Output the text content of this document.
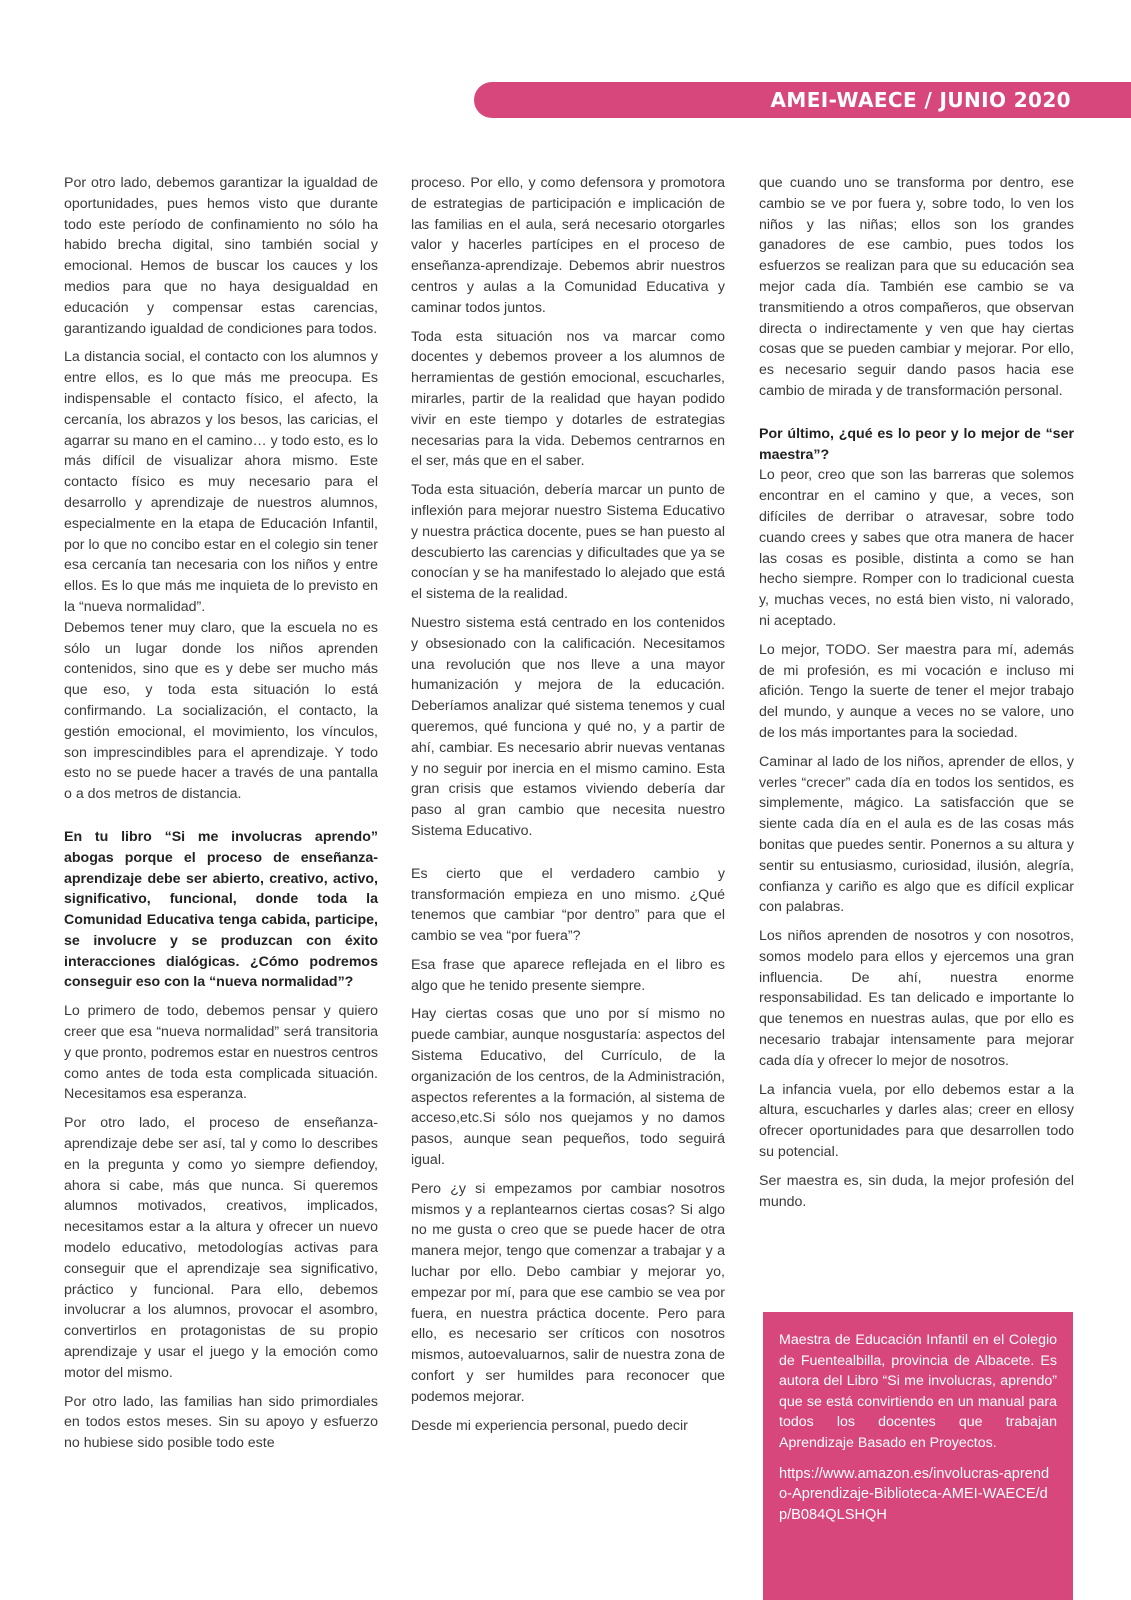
AMEI-WAECE / JUNIO 2020

Por otro lado, debemos garantizar la igualdad de oportunidades, pues hemos visto que durante todo este período de confinamiento no sólo ha habido brecha digital, sino también social y emocional. Hemos de buscar los cauces y los medios para que no haya desigualdad en educación y compensar estas carencias, garantizando igualdad de condiciones para todos.

La distancia social, el contacto con los alumnos y entre ellos, es lo que más me preocupa. Es indispensable el contacto físico, el afecto, la cercanía, los abrazos y los besos, las caricias, el agarrar su mano en el camino… y todo esto, es lo más difícil de visualizar ahora mismo. Este contacto físico es muy necesario para el desarrollo y aprendizaje de nuestros alumnos, especialmente en la etapa de Educación Infantil, por lo que no concibo estar en el colegio sin tener esa cercanía tan necesaria con los niños y entre ellos. Es lo que más me inquieta de lo previsto en la “nueva normalidad”.

Debemos tener muy claro, que la escuela no es sólo un lugar donde los niños aprenden contenidos, sino que es y debe ser mucho más que eso, y toda esta situación lo está confirmando. La socialización, el contacto, la gestión emocional, el movimiento, los vínculos, son imprescindibles para el aprendizaje. Y todo esto no se puede hacer a través de una pantalla o a dos metros de distancia.

En tu libro “Si me involucras aprendo” abogas porque el proceso de enseñanza-aprendizaje debe ser abierto, creativo, activo, significativo, funcional, donde toda la Comunidad Educativa tenga cabida, participe, se involucre y se produzcan con éxito interacciones dialógicas. ¿Cómo podremos conseguir eso con la “nueva normalidad”?

Lo primero de todo, debemos pensar y quiero creer que esa “nueva normalidad” será transitoria y que pronto, podremos estar en nuestros centros como antes de toda esta complicada situación. Necesitamos esa esperanza.

Por otro lado, el proceso de enseñanza-aprendizaje debe ser así, tal y como lo describes en la pregunta y como yo siempre defiendoy, ahora si cabe, más que nunca. Si queremos alumnos motivados, creativos, implicados, necesitamos estar a la altura y ofrecer un nuevo modelo educativo, metodologías activas para conseguir que el aprendizaje sea significativo, práctico y funcional. Para ello, debemos involucrar a los alumnos, provocar el asombro, convertirlos en protagonistas de su propio aprendizaje y usar el juego y la emoción como motor del mismo.

Por otro lado, las familias han sido primordiales en todos estos meses. Sin su apoyo y esfuerzo no hubiese sido posible todo este

proceso. Por ello, y como defensora y promotora de estrategias de participación e implicación de las familias en el aula, será necesario otorgarles valor y hacerles partícipes en el proceso de enseñanza-aprendizaje. Debemos abrir nuestros centros y aulas a la Comunidad Educativa y caminar todos juntos.

Toda esta situación nos va marcar como docentes y debemos proveer a los alumnos de herramientas de gestión emocional, escucharles, mirarles, partir de la realidad que hayan podido vivir en este tiempo y dotarles de estrategias necesarias para la vida. Debemos centrarnos en el ser, más que en el saber.

Toda esta situación, debería marcar un punto de inflexión para mejorar nuestro Sistema Educativo y nuestra práctica docente, pues se han puesto al descubierto las carencias y dificultades que ya se conocían y se ha manifestado lo alejado que está el sistema de la realidad.

Nuestro sistema está centrado en los contenidos y obsesionado con la calificación. Necesitamos una revolución que nos lleve a una mayor humanización y mejora de la educación. Deberíamos analizar qué sistema tenemos y cual queremos, qué funciona y qué no, y a partir de ahí, cambiar. Es necesario abrir nuevas ventanas y no seguir por inercia en el mismo camino. Esta gran crisis que estamos viviendo debería dar paso al gran cambio que necesita nuestro Sistema Educativo.

Es cierto que el verdadero cambio y transformación empieza en uno mismo. ¿Qué tenemos que cambiar “por dentro” para que el cambio se vea “por fuera”?

Esa frase que aparece reflejada en el libro es algo que he tenido presente siempre.

Hay ciertas cosas que uno por sí mismo no puede cambiar, aunque nosgustaría: aspectos del Sistema Educativo, del Currículo, de la organización de los centros, de la Administración, aspectos referentes a la formación, al sistema de acceso,etc.Si sólo nos quejamos y no damos pasos, aunque sean pequeños, todo seguirá igual.

Pero ¿y si empezamos por cambiar nosotros mismos y a replantearnos ciertas cosas? Si algo no me gusta o creo que se puede hacer de otra manera mejor, tengo que comenzar a trabajar y a luchar por ello. Debo cambiar y mejorar yo, empezar por mí, para que ese cambio se vea por fuera, en nuestra práctica docente. Pero para ello, es necesario ser críticos con nosotros mismos, autoevaluarnos, salir de nuestra zona de confort y ser humildes para reconocer que podemos mejorar.

Desde mi experiencia personal, puedo decir

que cuando uno se transforma por dentro, ese cambio se ve por fuera y, sobre todo, lo ven los niños y las niñas; ellos son los grandes ganadores de ese cambio, pues todos los esfuerzos se realizan para que su educación sea mejor cada día. También ese cambio se va transmitiendo a otros compañeros, que observan directa o indirectamente y ven que hay ciertas cosas que se pueden cambiar y mejorar. Por ello, es necesario seguir dando pasos hacia ese cambio de mirada y de transformación personal.

Por último, ¿qué es lo peor y lo mejor de “ser maestra”?

Lo peor, creo que son las barreras que solemos encontrar en el camino y que, a veces, son difíciles de derribar o atravesar, sobre todo cuando crees y sabes que otra manera de hacer las cosas es posible, distinta a como se han hecho siempre. Romper con lo tradicional cuesta y, muchas veces, no está bien visto, ni valorado, ni aceptado.

Lo mejor, TODO. Ser maestra para mí, además de mi profesión, es mi vocación e incluso mi afición. Tengo la suerte de tener el mejor trabajo del mundo, y aunque a veces no se valore, uno de los más importantes para la sociedad.

Caminar al lado de los niños, aprender de ellos, y verles “crecer” cada día en todos los sentidos, es simplemente, mágico. La satisfacción que se siente cada día en el aula es de las cosas más bonitas que puedes sentir. Ponernos a su altura y sentir su entusiasmo, curiosidad, ilusión, alegría, confianza y cariño es algo que es difícil explicar con palabras.

Los niños aprenden de nosotros y con nosotros, somos modelo para ellos y ejercemos una gran influencia. De ahí, nuestra enorme responsabilidad. Es tan delicado e importante lo que tenemos en nuestras aulas, que por ello es necesario trabajar intensamente para mejorar cada día y ofrecer lo mejor de nosotros.

La infancia vuela, por ello debemos estar a la altura, escucharles y darles alas; creer en ellosy ofrecer oportunidades para que desarrollen todo su potencial.

Ser maestra es, sin duda, la mejor profesión del mundo.

Maestra de Educación Infantil en el Colegio de Fuentealbilla, provincia de Albacete. Es autora del Libro “Si me involucras, aprendo” que se está convirtiendo en un manual para todos los docentes que trabajan Aprendizaje Basado en Proyectos.

https://www.amazon.es/involucras-aprendo-Aprendizaje-Biblioteca-AMEI-WAECE/dp/B084QLSHQH
